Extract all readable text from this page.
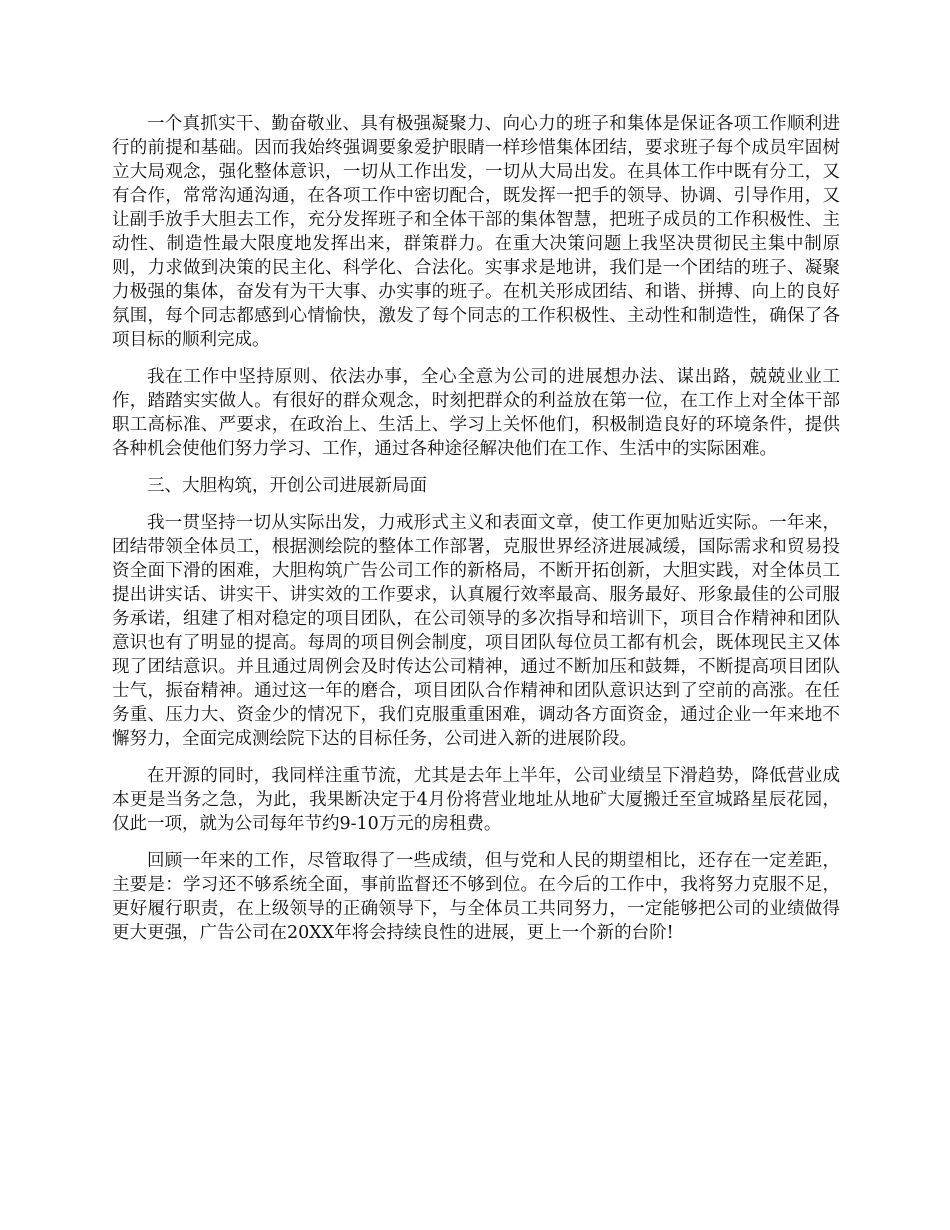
一个真抓实干、勤奋敬业、具有极强凝聚力、向心力的班子和集体是保证各项工作顺利进行的前提和基础。因而我始终强调要象爱护眼睛一样珍惜集体团结，要求班子每个成员牢固树立大局观念，强化整体意识，一切从工作出发，一切从大局出发。在具体工作中既有分工，又有合作，常常沟通沟通，在各项工作中密切配合，既发挥一把手的领导、协调、引导作用，又让副手放手大胆去工作，充分发挥班子和全体干部的集体智慧，把班子成员的工作积极性、主动性、制造性最大限度地发挥出来，群策群力。在重大决策问题上我坚决贯彻民主集中制原则，力求做到决策的民主化、科学化、合法化。实事求是地讲，我们是一个团结的班子、凝聚力极强的集体，奋发有为干大事、办实事的班子。在机关形成团结、和谐、拼搏、向上的良好氛围，每个同志都感到心情愉快，激发了每个同志的工作积极性、主动性和制造性，确保了各项目标的顺利完成。

我在工作中坚持原则、依法办事，全心全意为公司的进展想办法、谋出路，兢兢业业工作，踏踏实实做人。有很好的群众观念，时刻把群众的利益放在第一位，在工作上对全体干部职工高标准、严要求，在政治上、生活上、学习上关怀他们，积极制造良好的环境条件，提供各种机会使他们努力学习、工作，通过各种途径解决他们在工作、生活中的实际困难。

三、大胆构筑，开创公司进展新局面

我一贯坚持一切从实际出发，力戒形式主义和表面文章，使工作更加贴近实际。一年来，团结带领全体员工，根据测绘院的整体工作部署，克服世界经济进展减缓，国际需求和贸易投资全面下滑的困难，大胆构筑广告公司工作的新格局，不断开拓创新，大胆实践，对全体员工提出讲实话、讲实干、讲实效的工作要求，认真履行效率最高、服务最好、形象最佳的公司服务承诺，组建了相对稳定的项目团队，在公司领导的多次指导和培训下，项目合作精神和团队意识也有了明显的提高。每周的项目例会制度，项目团队每位员工都有机会，既体现民主又体现了团结意识。并且通过周例会及时传达公司精神，通过不断加压和鼓舞，不断提高项目团队士气，振奋精神。通过这一年的磨合，项目团队合作精神和团队意识达到了空前的高涨。在任务重、压力大、资金少的情况下，我们克服重重困难，调动各方面资金，通过企业一年来地不懈努力，全面完成测绘院下达的目标任务，公司进入新的进展阶段。

在开源的同时，我同样注重节流，尤其是去年上半年，公司业绩呈下滑趋势，降低营业成本更是当务之急，为此，我果断决定于4月份将营业地址从地矿大厦搬迁至宣城路星辰花园，仅此一项，就为公司每年节约9-10万元的房租费。

回顾一年来的工作，尽管取得了一些成绩，但与党和人民的期望相比，还存在一定差距，主要是：学习还不够系统全面，事前监督还不够到位。在今后的工作中，我将努力克服不足，更好履行职责，在上级领导的正确领导下，与全体员工共同努力，一定能够把公司的业绩做得更大更强，广告公司在20XX年将会持续良性的进展，更上一个新的台阶!
